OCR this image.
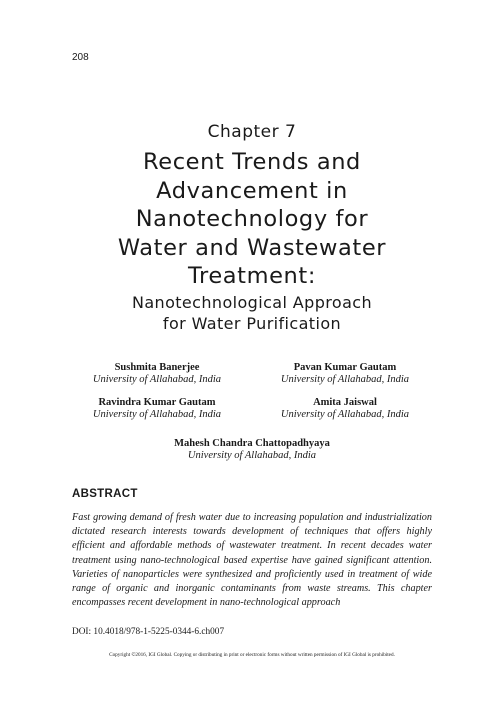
208
Chapter 7
Recent Trends and
Advancement in
Nanotechnology for
Water and Wastewater
Treatment:
Nanotechnological Approach
for Water Purification
Sushmita Banerjee
University of Allahabad, India
Pavan Kumar Gautam
University of Allahabad, India
Ravindra Kumar Gautam
University of Allahabad, India
Amita Jaiswal
University of Allahabad, India
Mahesh Chandra Chattopadhyaya
University of Allahabad, India
ABSTRACT

Fast growing demand of fresh water due to increasing population and industrialization dictated research interests towards development of techniques that offers highly efficient and affordable methods of wastewater treatment. In recent decades water treatment using nano-technological based expertise have gained significant attention. Varieties of nanoparticles were synthesized and proficiently used in treatment of wide range of organic and inorganic contaminants from waste streams. This chapter encompasses recent development in nano-technological approach

DOI: 10.4018/978-1-5225-0344-6.ch007
Copyright ©2016, IGI Global. Copying or distributing in print or electronic forms without written permission of IGI Global is prohibited.
